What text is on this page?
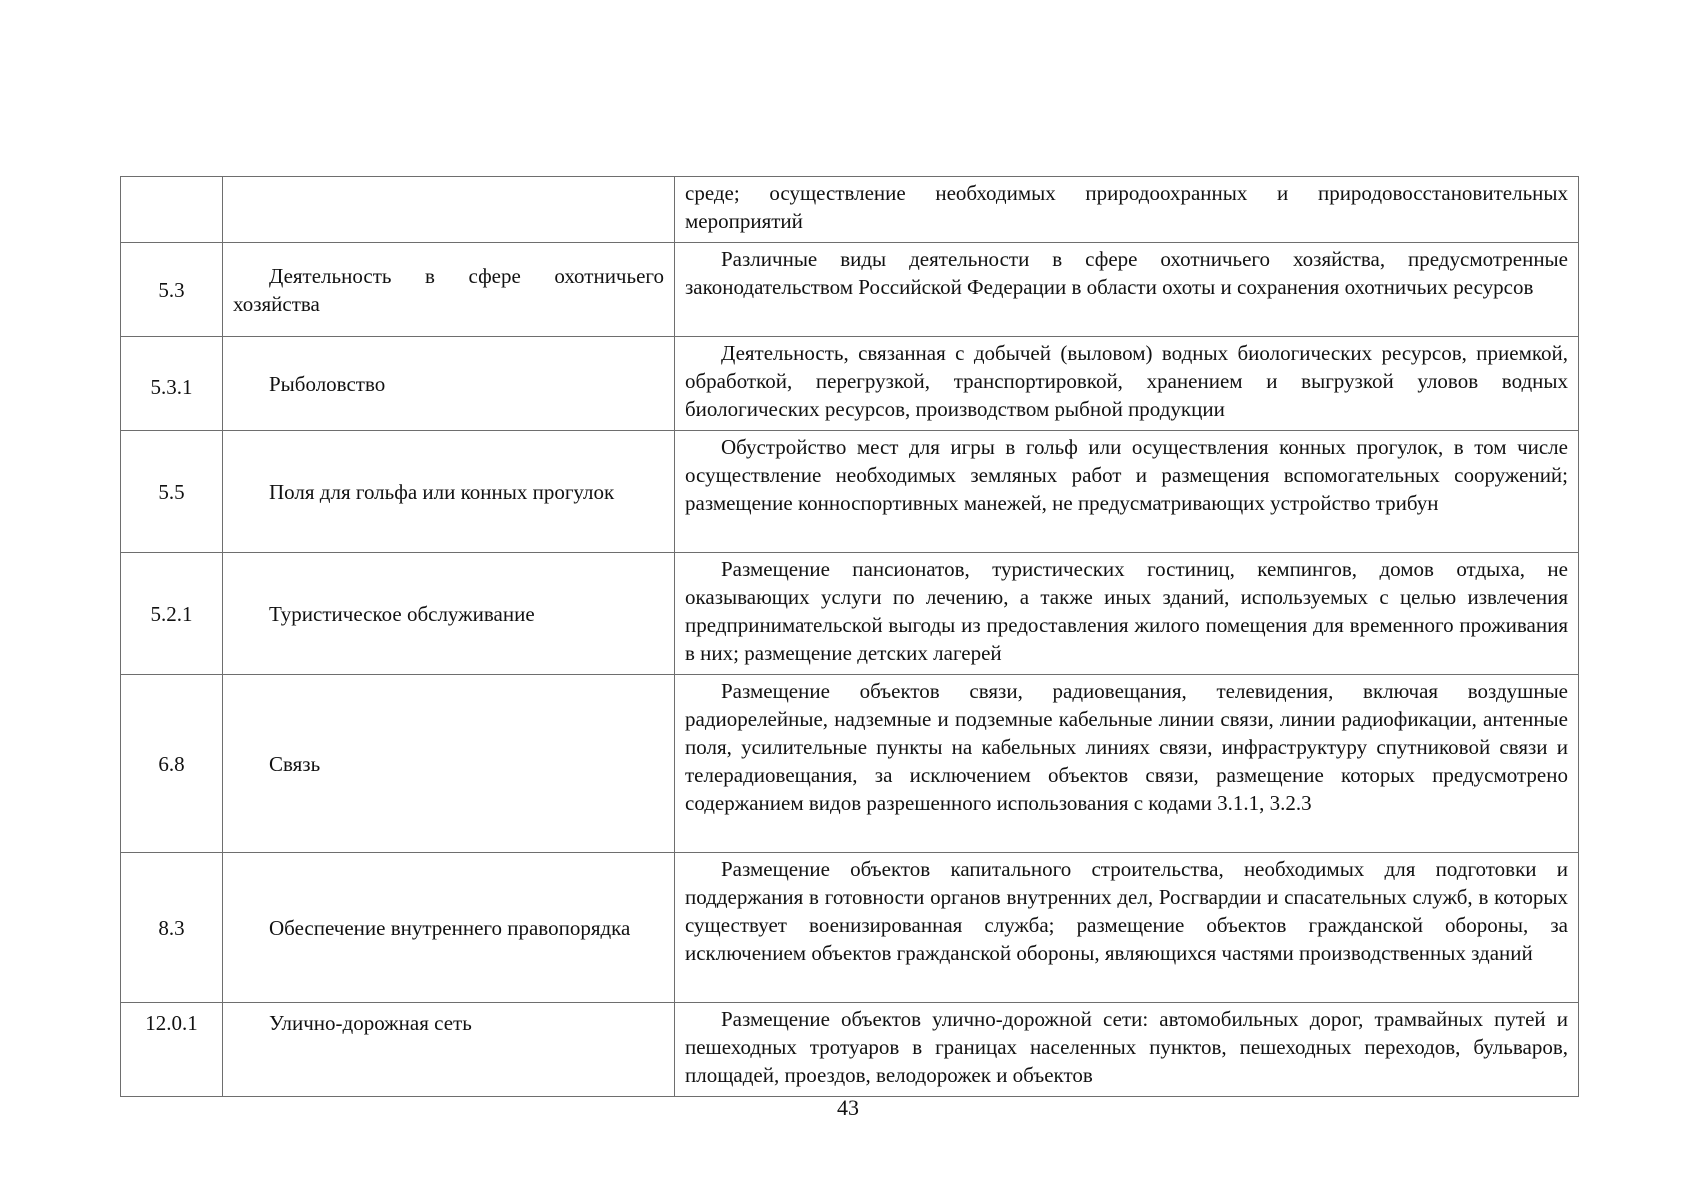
		среде; осуществление необходимых природоохранных и природовосстановительных мероприятий
5.3	Деятельность в сфере охотничьего хозяйства	Различные виды деятельности в сфере охотничьего хозяйства, предусмотренные законодательством Российской Федерации в области охоты и сохранения охотничьих ресурсов
5.3.1	Рыболовство	Деятельность, связанная с добычей (выловом) водных биологических ресурсов, приемкой, обработкой, перегрузкой, транспортировкой, хранением и выгрузкой уловов водных биологических ресурсов, производством рыбной продукции
5.5	Поля для гольфа или конных прогулок	Обустройство мест для игры в гольф или осуществления конных прогулок, в том числе осуществление необходимых земляных работ и размещения вспомогательных сооружений; размещение конноспортивных манежей, не предусматривающих устройство трибун
5.2.1	Туристическое обслуживание	Размещение пансионатов, туристических гостиниц, кемпингов, домов отдыха, не оказывающих услуги по лечению, а также иных зданий, используемых с целью извлечения предпринимательской выгоды из предоставления жилого помещения для временного проживания в них; размещение детских лагерей
6.8	Связь	Размещение объектов связи, радиовещания, телевидения, включая воздушные радиорелейные, надземные и подземные кабельные линии связи, линии радиофикации, антенные поля, усилительные пункты на кабельных линиях связи, инфраструктуру спутниковой связи и телерадиовещания, за исключением объектов связи, размещение которых предусмотрено содержанием видов разрешенного использования с кодами 3.1.1, 3.2.3
8.3	Обеспечение внутреннего правопорядка	Размещение объектов капитального строительства, необходимых для подготовки и поддержания в готовности органов внутренних дел, Росгвардии и спасательных служб, в которых существует военизированная служба; размещение объектов гражданской обороны, за исключением объектов гражданской обороны, являющихся частями производственных зданий
12.0.1	Улично-дорожная сеть	Размещение объектов улично-дорожной сети: автомобильных дорог, трамвайных путей и пешеходных тротуаров в границах населенных пунктов, пешеходных переходов, бульваров, площадей, проездов, велодорожек и объектов
43
